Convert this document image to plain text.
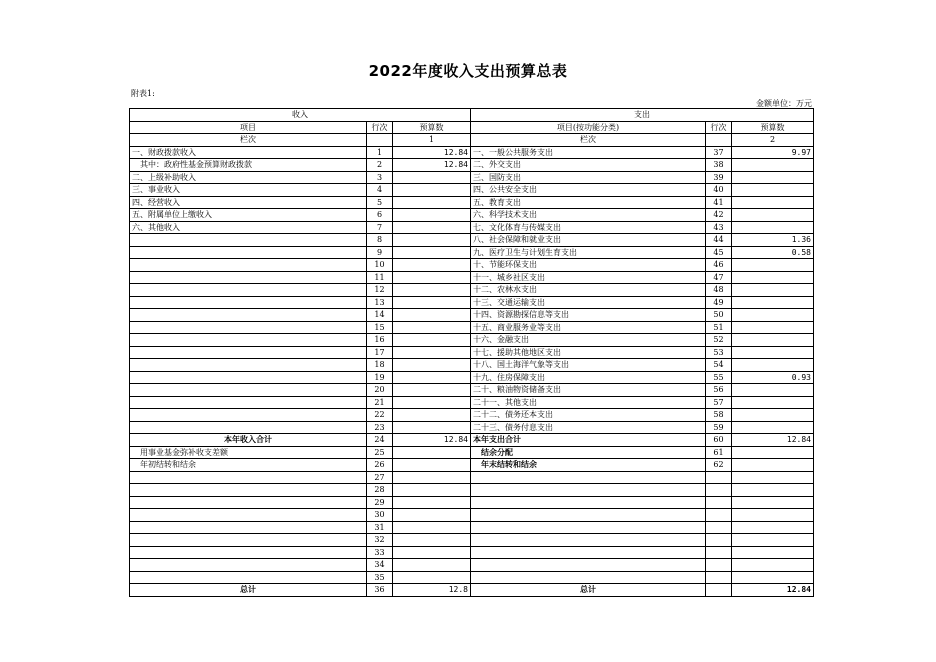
2022年度收入支出预算总表
附表1:
金额单位：万元
收入			支出		
项目	行次	预算数	项目(按功能分类)	行次	预算数
栏次		1	栏次		2
一、财政拨款收入	1	12.84	一、一般公共服务支出	37	9.97
　其中：政府性基金预算财政拨款	2	12.84	二、外交支出	38	
二、上级补助收入	3		三、国防支出	39	
三、事业收入	4		四、公共安全支出	40	
四、经营收入	5		五、教育支出	41	
五、附属单位上缴收入	6		六、科学技术支出	42	
六、其他收入	7		七、文化体育与传媒支出	43	
	8		八、社会保障和就业支出	44	1.36
	9		九、医疗卫生与计划生育支出	45	0.58
	10		十、节能环保支出	46	
	11		十一、城乡社区支出	47	
	12		十二、农林水支出	48	
	13		十三、交通运输支出	49	
	14		十四、资源勘探信息等支出	50	
	15		十五、商业服务业等支出	51	
	16		十六、金融支出	52	
	17		十七、援助其他地区支出	53	
	18		十八、国土海洋气象等支出	54	
	19		十九、住房保障支出	55	0.93
	20		二十、粮油物资储备支出	56	
	21		二十一、其他支出	57	
	22		二十二、债务还本支出	58	
	23		二十三、债务付息支出	59	
本年收入合计	24	12.84	本年支出合计	60	12.84
　用事业基金弥补收支差额	25		　结余分配	61	
　年初结转和结余	26		　年末结转和结余	62	
	27				
	28				
	29				
	30				
	31				
	32				
	33				
	34				
	35				
总计	36	12.8	总计		12.84
